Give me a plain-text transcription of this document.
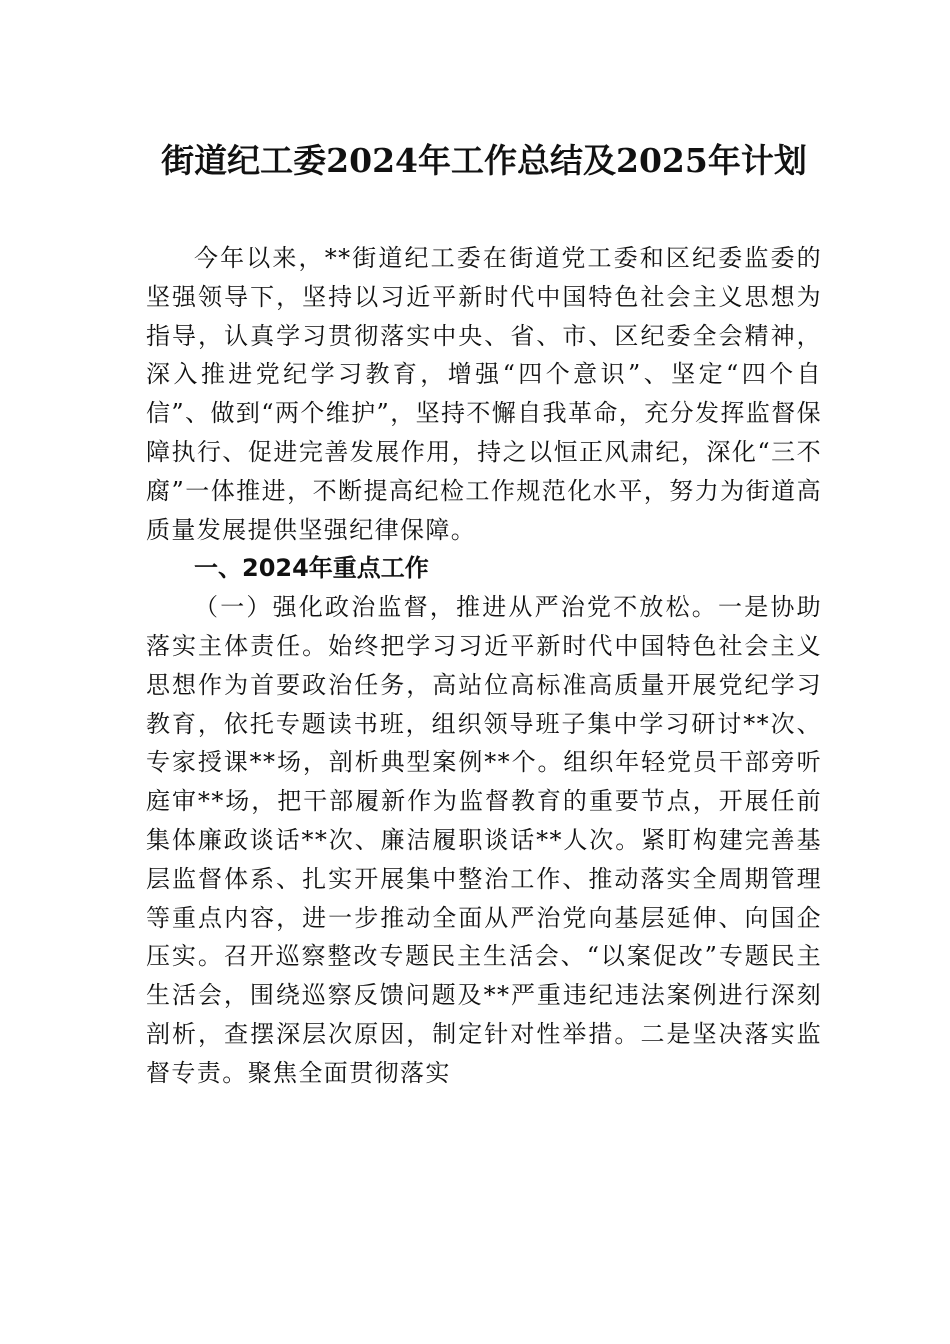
街道纪工委2024年工作总结及2025年计划

今年以来，**街道纪工委在街道党工委和区纪委监委的坚强领导下，坚持以习近平新时代中国特色社会主义思想为指导，认真学习贯彻落实中央、省、市、区纪委全会精神，深入推进党纪学习教育，增强“四个意识”、坚定“四个自信”、做到“两个维护”，坚持不懈自我革命，充分发挥监督保障执行、促进完善发展作用，持之以恒正风肃纪，深化“三不腐”一体推进，不断提高纪检工作规范化水平，努力为街道高质量发展提供坚强纪律保障。

一、2024年重点工作

（一）强化政治监督，推进从严治党不放松。一是协助落实主体责任。始终把学习习近平新时代中国特色社会主义思想作为首要政治任务，高站位高标准高质量开展党纪学习教育，依托专题读书班，组织领导班子集中学习研讨**次、专家授课**场，剖析典型案例**个。组织年轻党员干部旁听庭审**场，把干部履新作为监督教育的重要节点，开展任前集体廉政谈话**次、廉洁履职谈话**人次。紧盯构建完善基层监督体系、扎实开展集中整治工作、推动落实全周期管理等重点内容，进一步推动全面从严治党向基层延伸、向国企压实。召开巡察整改专题民主生活会、“以案促改”专题民主生活会，围绕巡察反馈问题及**严重违纪违法案例进行深刻剖析，查摆深层次原因，制定针对性举措。二是坚决落实监督专责。聚焦全面贯彻落实
